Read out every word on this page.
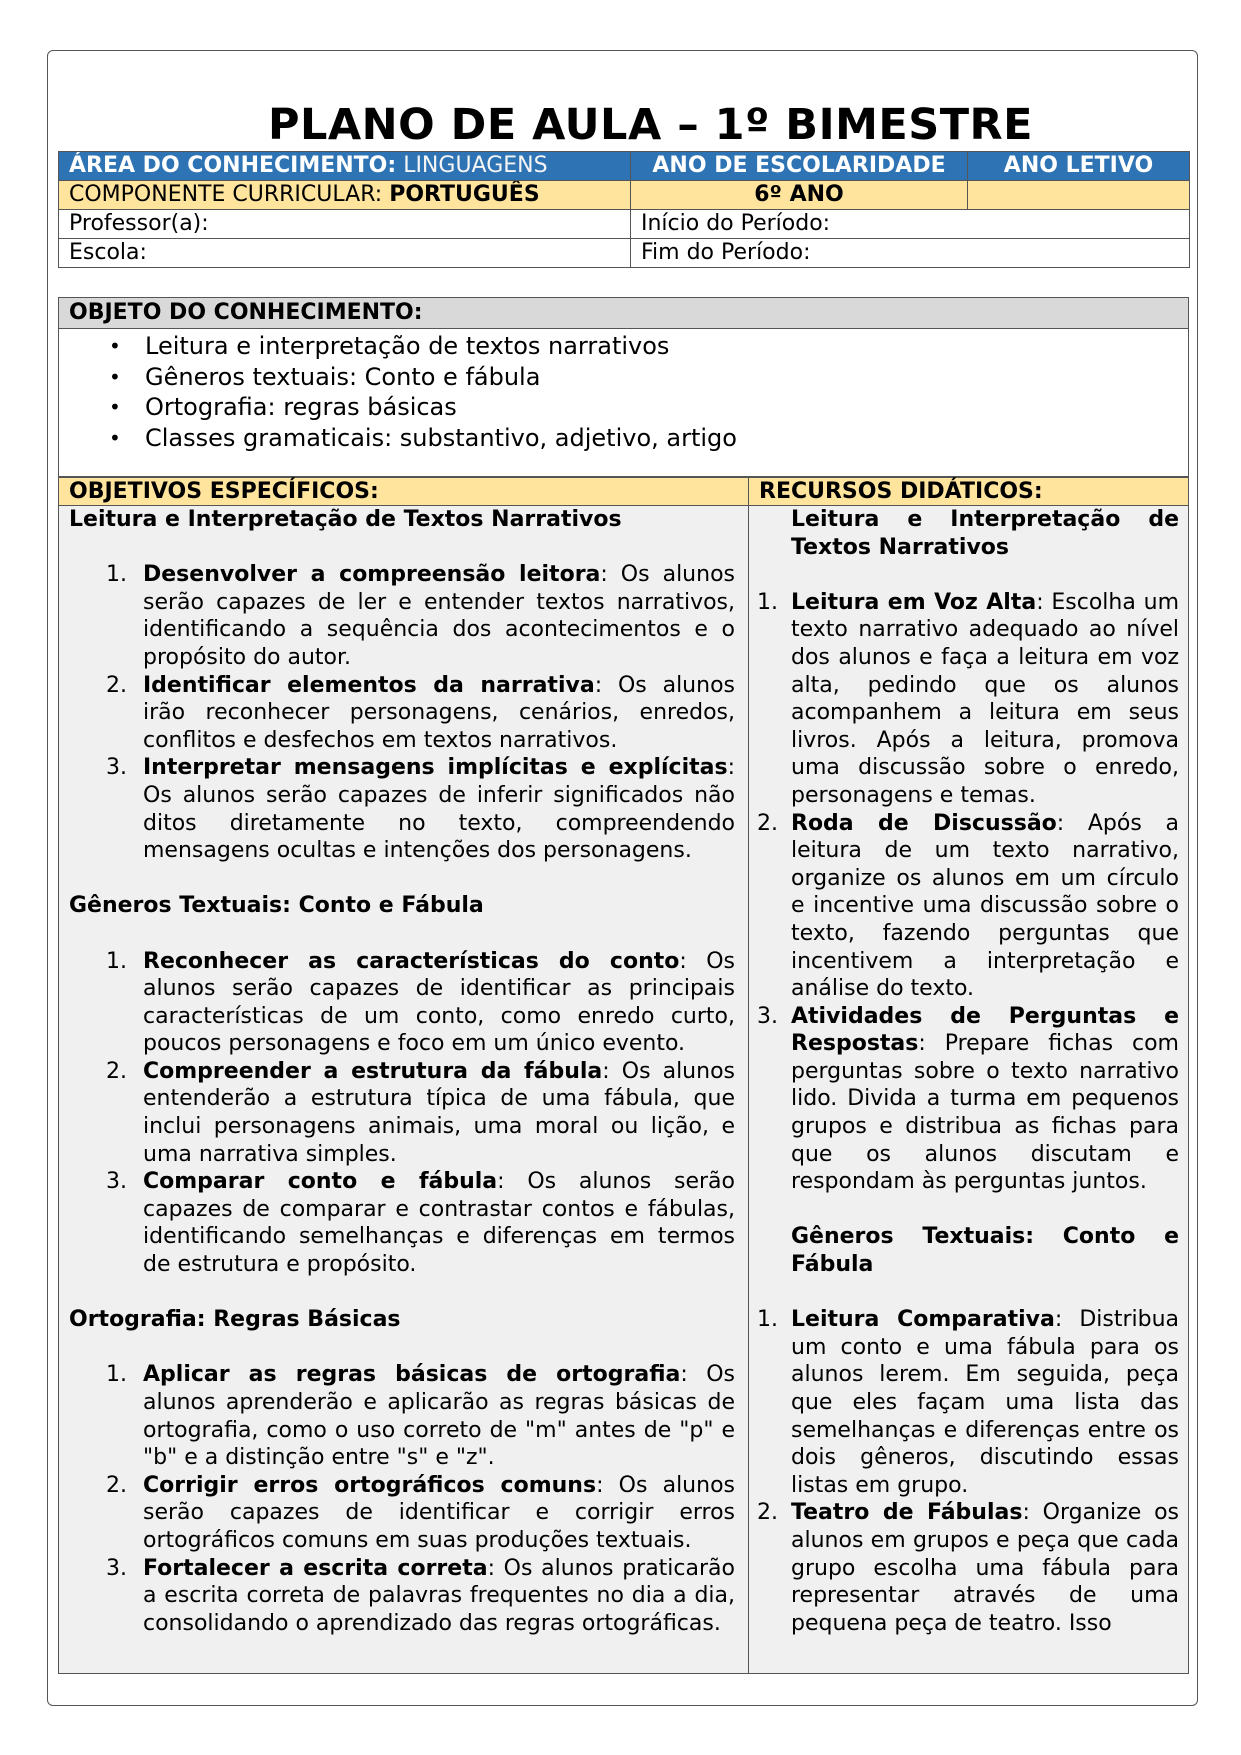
PLANO DE AULA – 1º BIMESTRE
ÁREA DO CONHECIMENTO: LINGUAGENS	ANO DE ESCOLARIDADE	ANO LETIVO
COMPONENTE CURRICULAR: PORTUGUÊS	6º ANO	
Professor(a):	Início do Período:	
Escola:	Fim do Período:	
OBJETO DO CONHECIMENTO:
• Leitura e interpretação de textos narrativos
• Gêneros textuais: Conto e fábula
• Ortografia: regras básicas
• Classes gramaticais: substantivo, adjetivo, artigo
OBJETIVOS ESPECÍFICOS:	RECURSOS DIDÁTICOS:
Leitura e Interpretação de Textos Narrativos
1. Desenvolver a compreensão leitora: Os alunos serão capazes de ler e entender textos narrativos, identificando a sequência dos acontecimentos e o propósito do autor.
2. Identificar elementos da narrativa: Os alunos irão reconhecer personagens, cenários, enredos, conflitos e desfechos em textos narrativos.
3. Interpretar mensagens implícitas e explícitas: Os alunos serão capazes de inferir significados não ditos diretamente no texto, compreendendo mensagens ocultas e intenções dos personagens.
Gêneros Textuais: Conto e Fábula
1. Reconhecer as características do conto: Os alunos serão capazes de identificar as principais características de um conto, como enredo curto, poucos personagens e foco em um único evento.
2. Compreender a estrutura da fábula: Os alunos entenderão a estrutura típica de uma fábula, que inclui personagens animais, uma moral ou lição, e uma narrativa simples.
3. Comparar conto e fábula: Os alunos serão capazes de comparar e contrastar contos e fábulas, identificando semelhanças e diferenças em termos de estrutura e propósito.
Ortografia: Regras Básicas
1. Aplicar as regras básicas de ortografia: Os alunos aprenderão e aplicarão as regras básicas de ortografia, como o uso correto de "m" antes de "p" e "b" e a distinção entre "s" e "z".
2. Corrigir erros ortográficos comuns: Os alunos serão capazes de identificar e corrigir erros ortográficos comuns em suas produções textuais.
3. Fortalecer a escrita correta: Os alunos praticarão a escrita correta de palavras frequentes no dia a dia, consolidando o aprendizado das regras ortográficas.
Leitura e Interpretação de Textos Narrativos
1. Leitura em Voz Alta: Escolha um texto narrativo adequado ao nível dos alunos e faça a leitura em voz alta, pedindo que os alunos acompanhem a leitura em seus livros. Após a leitura, promova uma discussão sobre o enredo, personagens e temas.
2. Roda de Discussão: Após a leitura de um texto narrativo, organize os alunos em um círculo e incentive uma discussão sobre o texto, fazendo perguntas que incentivem a interpretação e análise do texto.
3. Atividades de Perguntas e Respostas: Prepare fichas com perguntas sobre o texto narrativo lido. Divida a turma em pequenos grupos e distribua as fichas para que os alunos discutam e respondam às perguntas juntos.
Gêneros Textuais: Conto e Fábula
1. Leitura Comparativa: Distribua um conto e uma fábula para os alunos lerem. Em seguida, peça que eles façam uma lista das semelhanças e diferenças entre os dois gêneros, discutindo essas listas em grupo.
2. Teatro de Fábulas: Organize os alunos em grupos e peça que cada grupo escolha uma fábula para representar através de uma pequena peça de teatro. Isso
